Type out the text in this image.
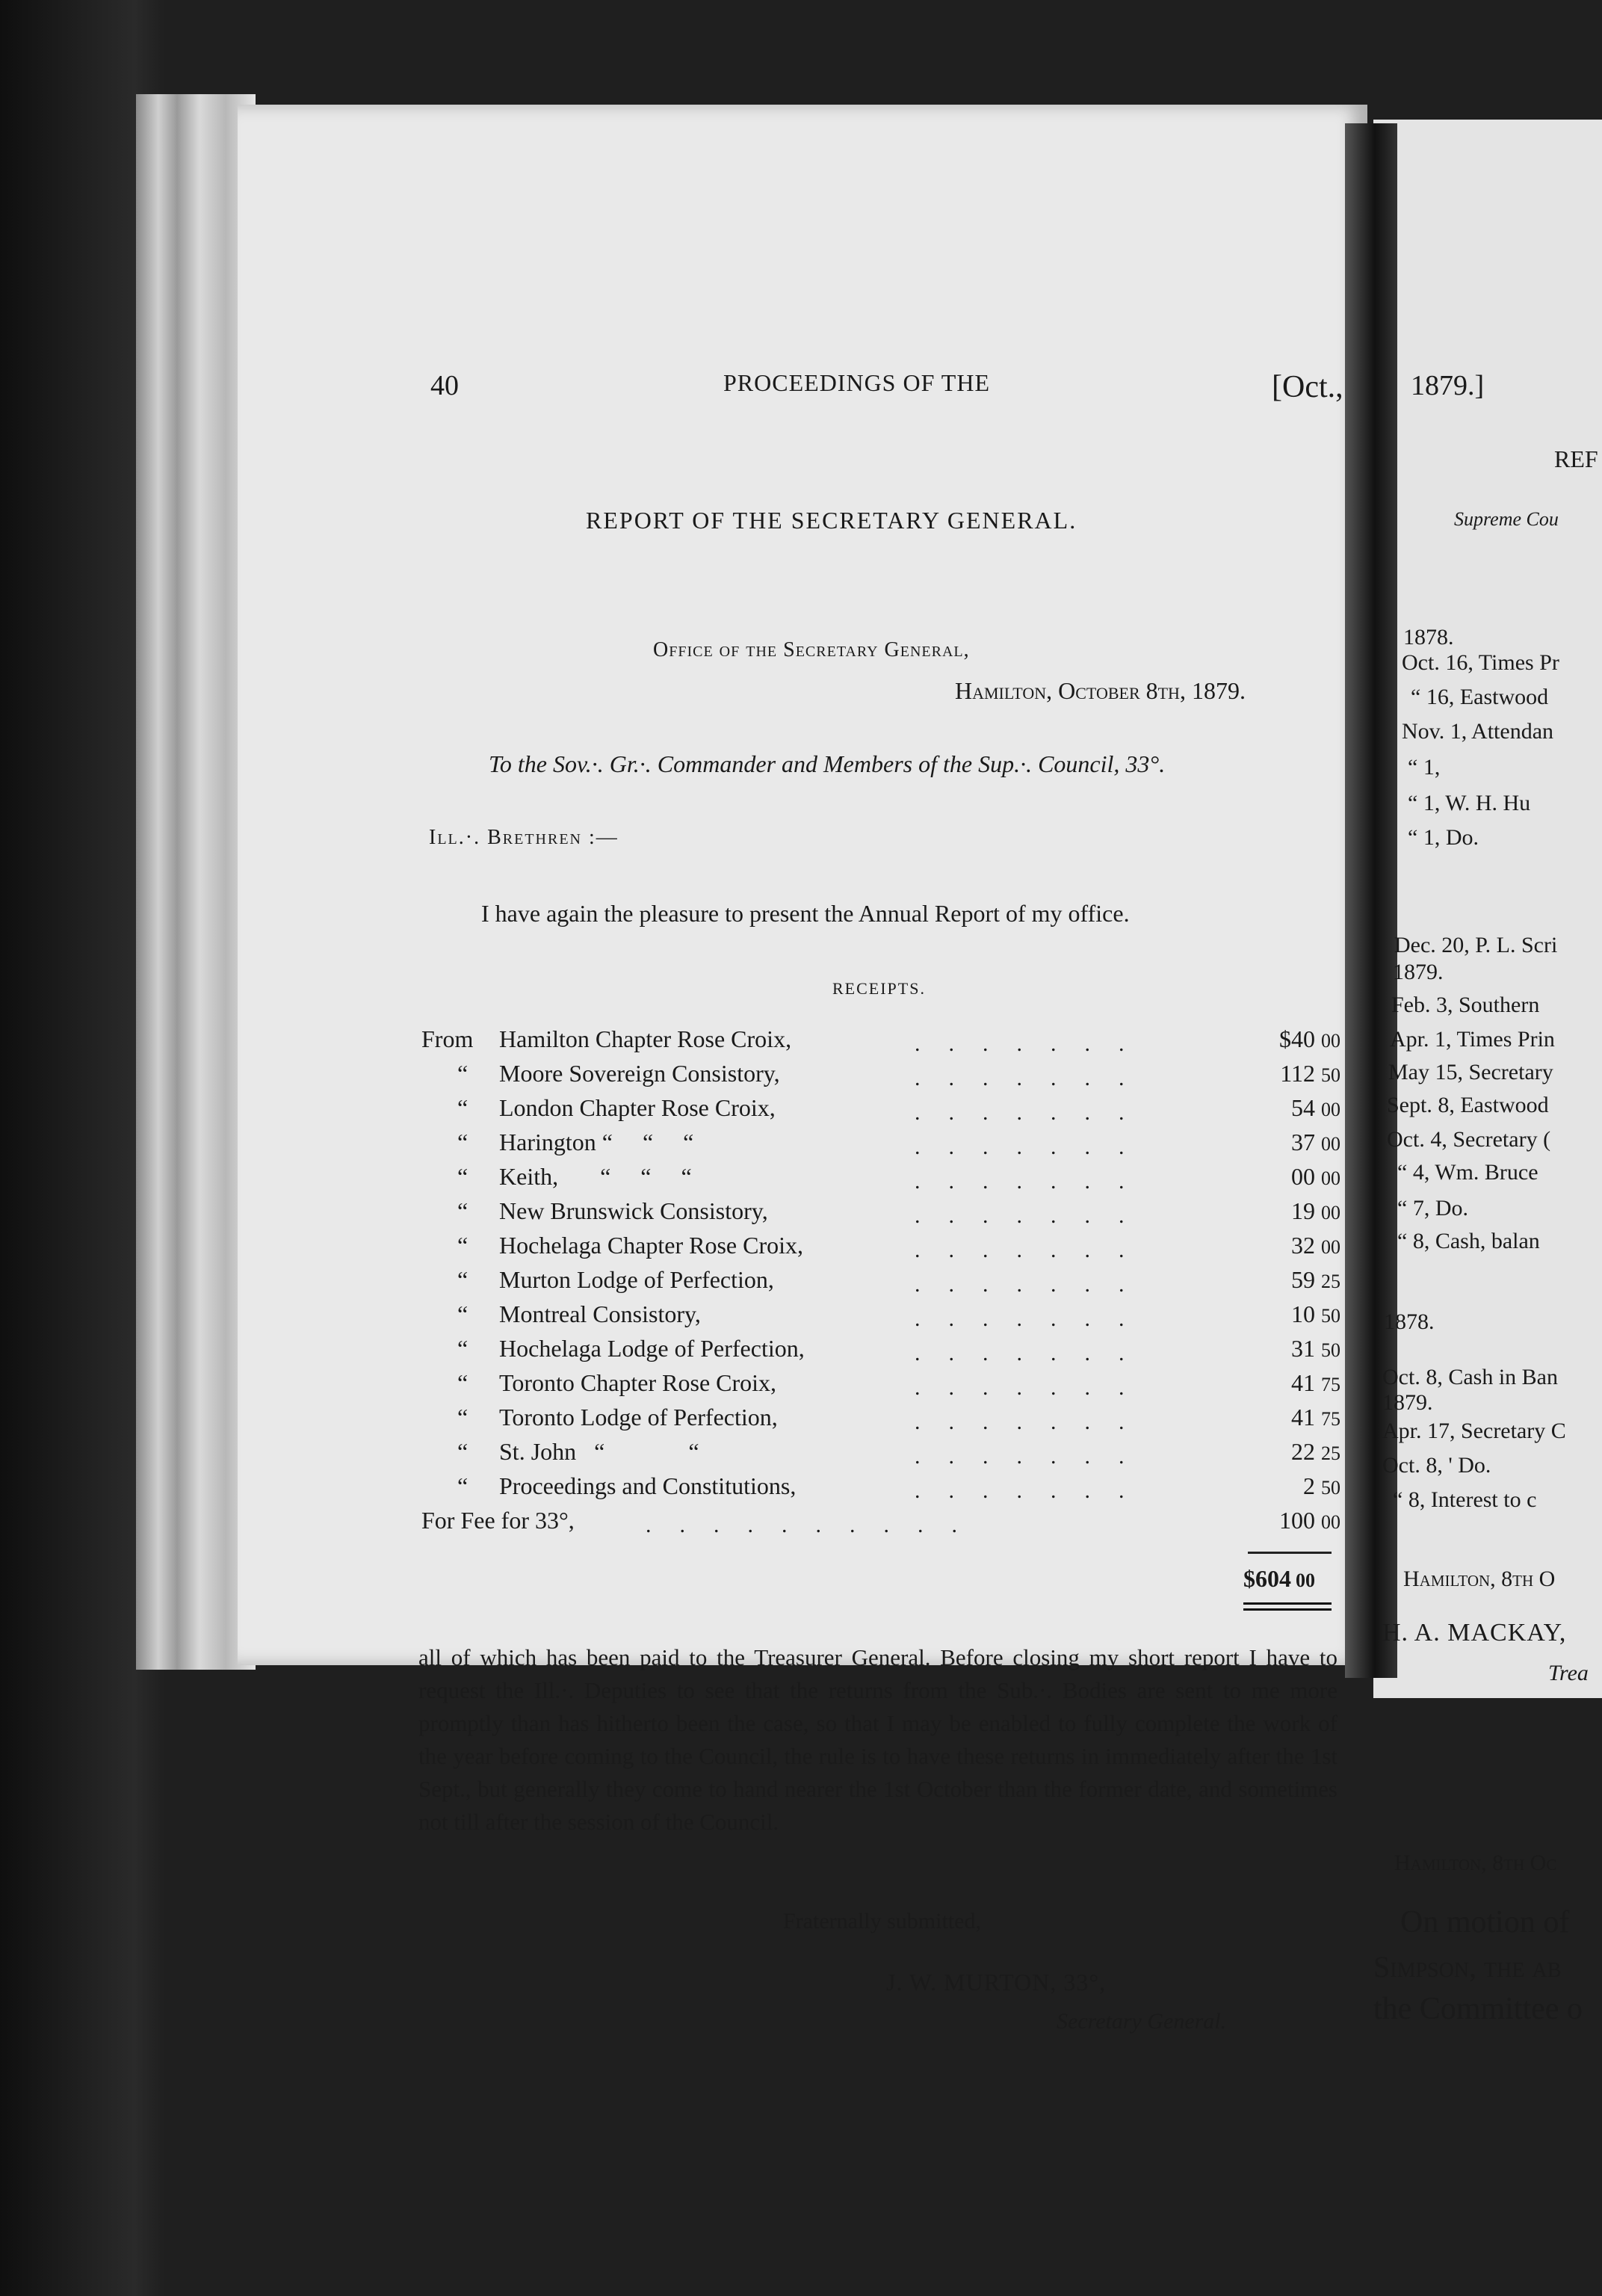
40	PROCEEDINGS OF THE	[Oct.,
REPORT OF THE SECRETARY GENERAL.
Office of the Secretary General,
Hamilton, October 8th, 1879.
To the Sov.·. Gr.·. Commander and Members of the Sup.·. Council, 33°.
Ill.·. Brethren :—
I have again the pleasure to present the Annual Report of my office.
RECEIPTS.
From	Hamilton Chapter Rose Croix,	.......	$40 00
“	Moore Sovereign Consistory,	.......	112 50
“	London Chapter Rose Croix,	.......	54 00
“	Harington “     “     “	.......	37 00
“	Keith,       “     “     “	.......	00 00
“	New Brunswick Consistory,	.......	19 00
“	Hochelaga Chapter Rose Croix,	.......	32 00
“	Murton Lodge of Perfection,	.......	59 25
“	Montreal Consistory,	.......	10 50
“	Hochelaga Lodge of Perfection,	.......	31 50
“	Toronto Chapter Rose Croix,	.......	41 75
“	Toronto Lodge of Perfection,	.......	41 75
“	St. John   “              “	.......	22 25
“	Proceedings and Constitutions,	.......	2 50
For Fee for 33°,	..........	100 00
$604 00
all of which has been paid to the Treasurer General. Before closing my short report I have to request the Ill.·. Deputies to see that the returns from the Sub.·. Bodies are sent to me more promptly than has hitherto been the case, so that I may be enabled to fully complete the work of the year before coming to the Council, the rule is to have these returns in immediately after the 1st Sept., but generally they come to hand nearer the 1st October than the former date, and sometimes not till after the session of the Council.
Fraternally submitted,
J. W. MURTON, 33°,
Secretary General.
1879.]
REF
Supreme Cou
1878.
Oct. 16, Times Pr
“ 16, Eastwood
Nov. 1, Attendan
“ 1,
“ 1, W. H. Hu
“ 1, Do.
Dec. 20, P. L. Scri
1879.
Feb. 3, Southern
Apr. 1, Times Prin
May 15, Secretary
Sept. 8, Eastwood
Oct. 4, Secretary (
“ 4, Wm. Bruce
“ 7, Do.
“ 8, Cash, balan
1878.
Oct. 8, Cash in Ban
1879.
Apr. 17, Secretary C
Oct. 8, ' Do.
“ 8, Interest to c
Hamilton, 8th O
H. A. MACKAY,
Trea
Hamilton, 8th Oc
On motion of
Simpson, the ab
the Committee o
